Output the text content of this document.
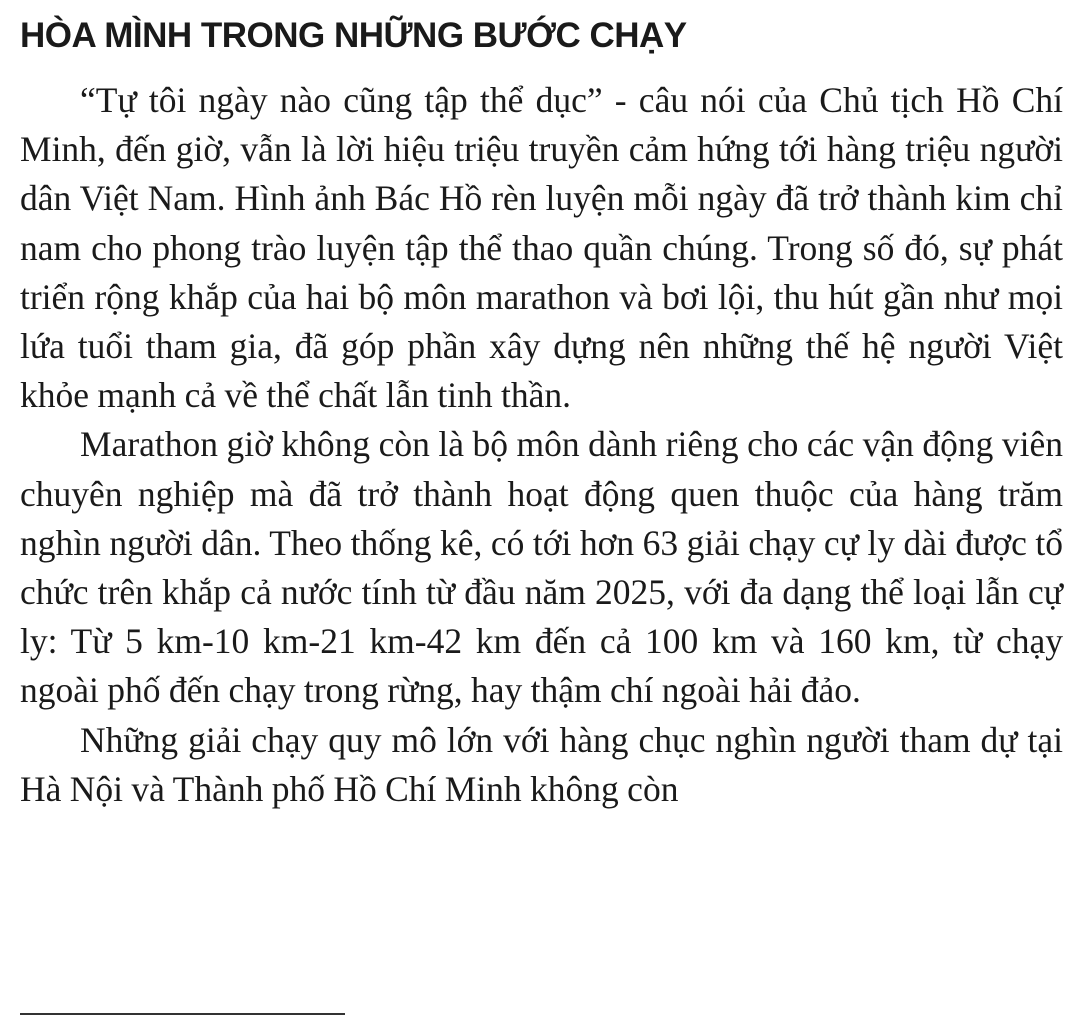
HÒA MÌNH TRONG NHỮNG BƯỚC CHẠY

“Tự tôi ngày nào cũng tập thể dục” - câu nói của Chủ tịch Hồ Chí Minh, đến giờ, vẫn là lời hiệu triệu truyền cảm hứng tới hàng triệu người dân Việt Nam. Hình ảnh Bác Hồ rèn luyện mỗi ngày đã trở thành kim chỉ nam cho phong trào luyện tập thể thao quần chúng. Trong số đó, sự phát triển rộng khắp của hai bộ môn marathon và bơi lội, thu hút gần như mọi lứa tuổi tham gia, đã góp phần xây dựng nên những thế hệ người Việt khỏe mạnh cả về thể chất lẫn tinh thần.

Marathon giờ không còn là bộ môn dành riêng cho các vận động viên chuyên nghiệp mà đã trở thành hoạt động quen thuộc của hàng trăm nghìn người dân. Theo thống kê, có tới hơn 63 giải chạy cự ly dài được tổ chức trên khắp cả nước tính từ đầu năm 2025, với đa dạng thể loại lẫn cự ly: Từ 5 km-10 km-21 km-42 km đến cả 100 km và 160 km, từ chạy ngoài phố đến chạy trong rừng, hay thậm chí ngoài hải đảo.

Những giải chạy quy mô lớn với hàng chục nghìn người tham dự tại Hà Nội và Thành phố Hồ Chí Minh không còn
